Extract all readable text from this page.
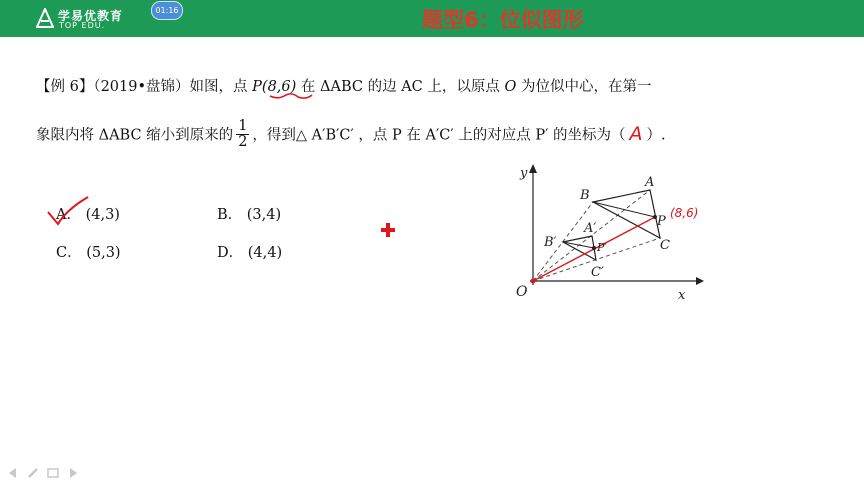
学易优教育
TOP EDU.
01:16	题型6：位似图形
【例 6】（2019•盘锦）如图，点 P(8,6) 在 ΔABC 的边 AC 上，以原点 O 为位似中心，在第一
象限内将 ΔABC 缩小到原来的 $\frac{1}{2}$ ，得到△ A′B′C′ ，点 P 在 A′C′ 上的对应点 P′ 的坐标为（ A ）.
A． (4,3)	B． (3,4)
C． (5,3)	D． (4,4)
y
x
O
B
A
C
P
B′
A′
C′
P′
(8,6)
